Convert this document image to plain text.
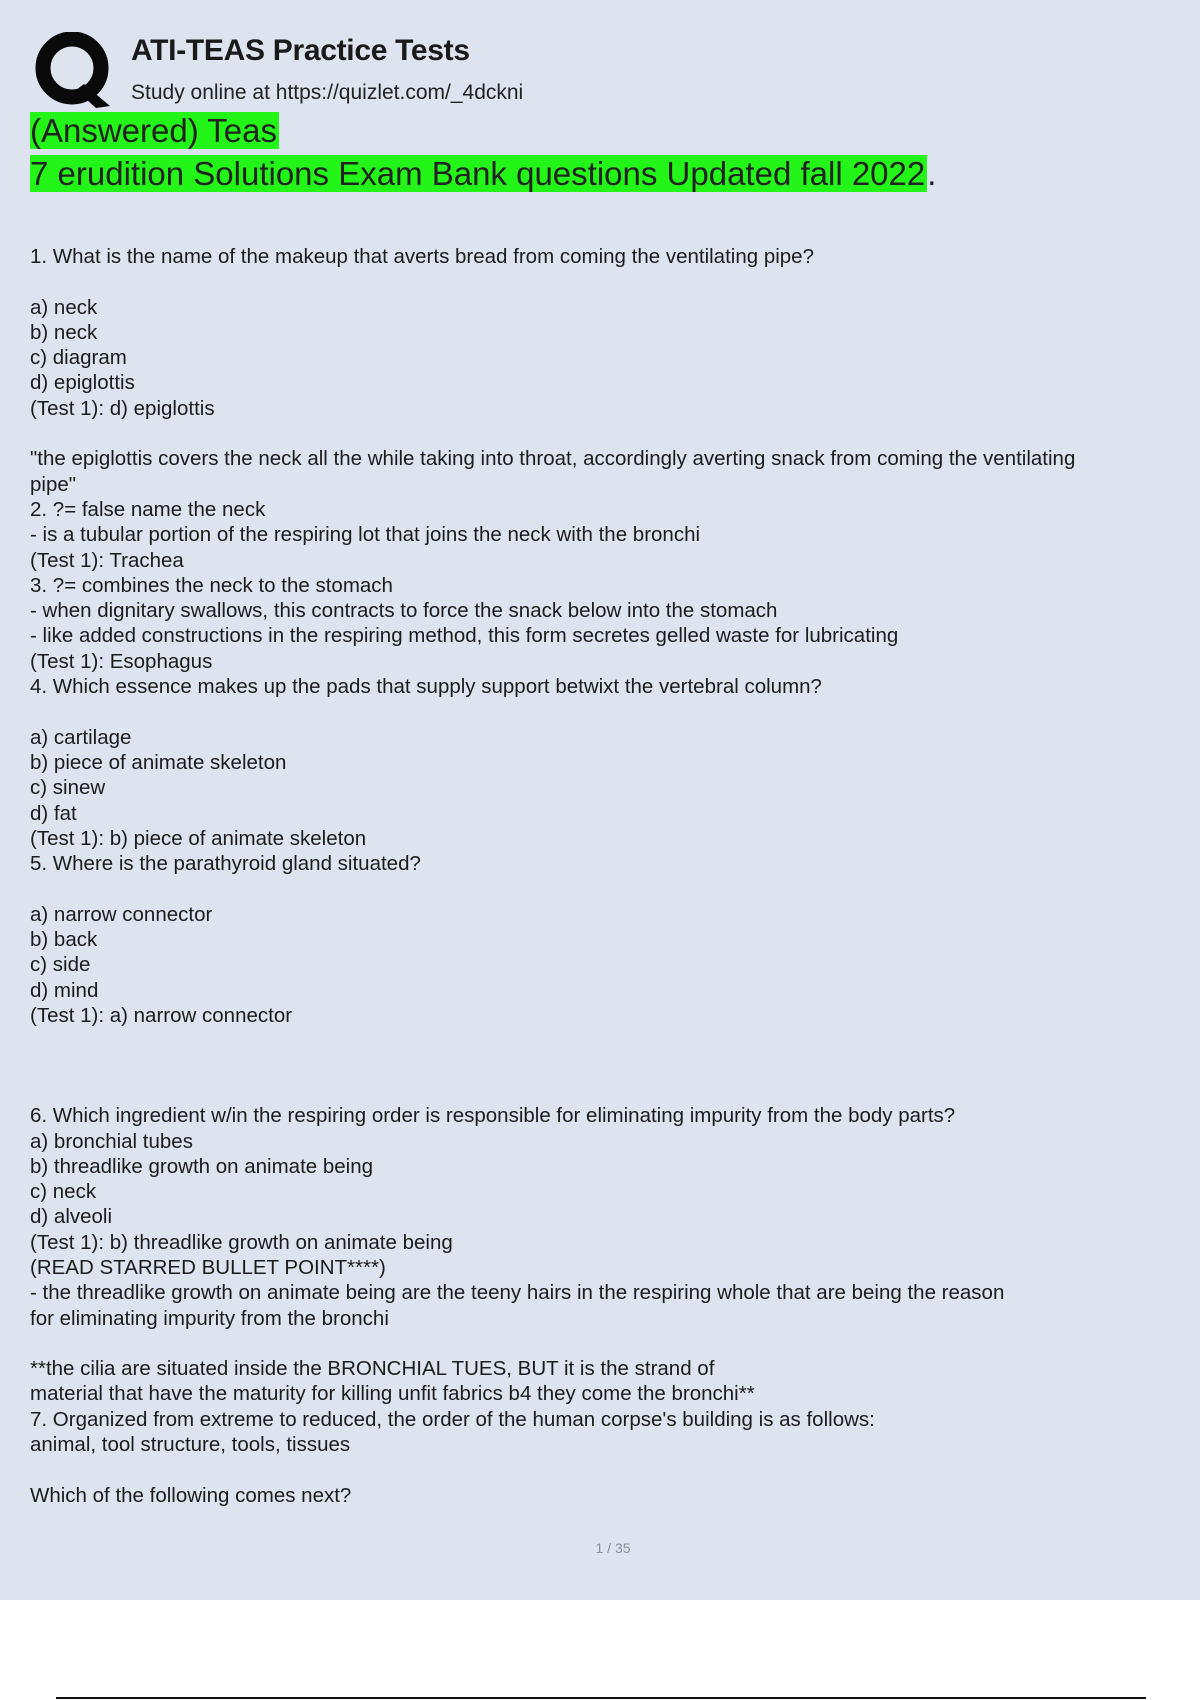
ATI-TEAS Practice Tests
Study online at https://quizlet.com/_4dckni
(Answered) Teas
7 erudition Solutions Exam Bank questions Updated fall 2022.
1. What is the name of the makeup that averts bread from coming the ventilating pipe?
a) neck
b) neck
c) diagram
d) epiglottis
(Test 1): d) epiglottis
"the epiglottis covers the neck all the while taking into throat, accordingly averting snack from coming the ventilating
pipe"
2. ?= false name the neck
- is a tubular portion of the respiring lot that joins the neck with the bronchi
(Test 1): Trachea
3. ?= combines the neck to the stomach
- when dignitary swallows, this contracts to force the snack below into the stomach
- like added constructions in the respiring method, this form secretes gelled waste for lubricating
(Test 1): Esophagus
4. Which essence makes up the pads that supply support betwixt the vertebral column?
a) cartilage
b) piece of animate skeleton
c) sinew
d) fat
(Test 1): b) piece of animate skeleton
5. Where is the parathyroid gland situated?
a) narrow connector
b) back
c) side
d) mind
(Test 1): a) narrow connector
6. Which ingredient w/in the respiring order is responsible for eliminating impurity from the body parts?
a) bronchial tubes
b) threadlike growth on animate being
c) neck
d) alveoli
(Test 1): b) threadlike growth on animate being
(READ STARRED BULLET POINT****)
- the threadlike growth on animate being are the teeny hairs in the respiring whole that are being the reason
for eliminating impurity from the bronchi
**the cilia are situated inside the BRONCHIAL TUES, BUT it is the strand of
material that have the maturity for killing unfit fabrics b4 they come the bronchi**
7. Organized from extreme to reduced, the order of the human corpse's building is as follows:
animal, tool structure, tools, tissues
Which of the following comes next?
1 / 35
